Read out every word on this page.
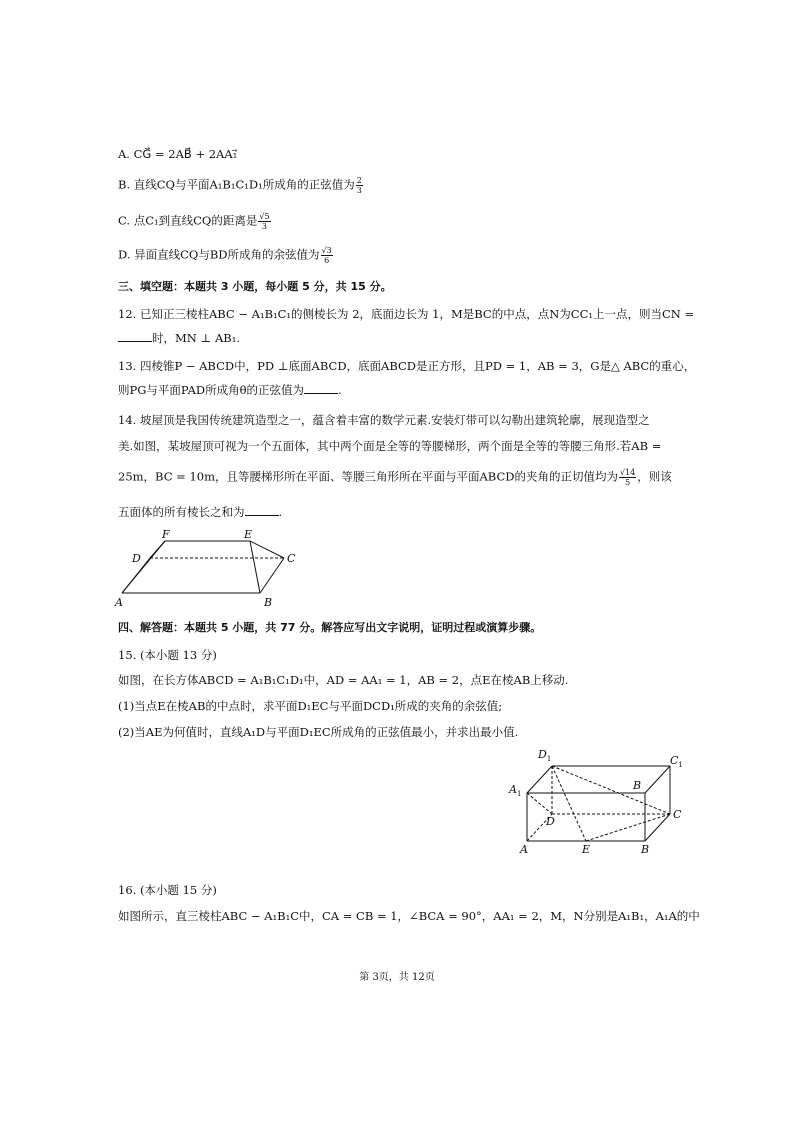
A. CG⃗ = 2AB⃗ + 2AA₁⃗
B. 直线CQ与平面A₁B₁C₁D₁所成角的正弦值为 $\frac{2}{3}$
C. 点C₁到直线CQ的距离是 $\frac{√5}{3}$
D. 异面直线CQ与BD所成角的余弦值为 $\frac{√3}{6}$
三、填空题：本题共 3 小题，每小题 5 分，共 15 分。
12. 已知正三棱柱ABC − A₁B₁C₁的侧棱长为 2，底面边长为 1，M是BC的中点，点N为CC₁上一点，则当CN =
时，MN ⊥ AB₁.
13. 四棱锥P − ABCD中，PD ⊥底面ABCD，底面ABCD是正方形，且PD = 1，AB = 3，G是△ ABC的重心，
则PG与平面PAD所成角θ的正弦值为	.
14. 坡屋顶是我国传统建筑造型之一，蕴含着丰富的数学元素.安装灯带可以勾勒出建筑轮廓，展现造型之
美.如图，某坡屋顶可视为一个五面体，其中两个面是全等的等腰梯形，两个面是全等的等腰三角形.若AB =
25m，BC = 10m，且等腰梯形所在平面、等腰三角形所在平面与平面ABCD的夹角的正切值均为 $\frac{√14}{5}$ ，则该
五面体的所有棱长之和为	.
F	E
D	C
A	B
四、解答题：本题共 5 小题，共 77 分。解答应写出文字说明，证明过程或演算步骤。
15. (本小题 13 分)
如图，在长方体ABCD = A₁B₁C₁D₁中，AD = AA₁ = 1，AB = 2，点E在棱AB上移动.
(1)当点E在棱AB的中点时，求平面D₁EC与平面DCD₁所成的夹角的余弦值;
(2)当AE为何值时，直线A₁D与平面D₁EC所成角的正弦值最小，并求出最小值.
$D_1$	$C_1$
$A_1$
B
D
C
A	E	B
16. (本小题 15 分)
如图所示，直三棱柱ABC − A₁B₁C中，CA = CB = 1，∠BCA = 90°，AA₁ = 2，M，N分别是A₁B₁，A₁A的中
第 3页，共 12页
